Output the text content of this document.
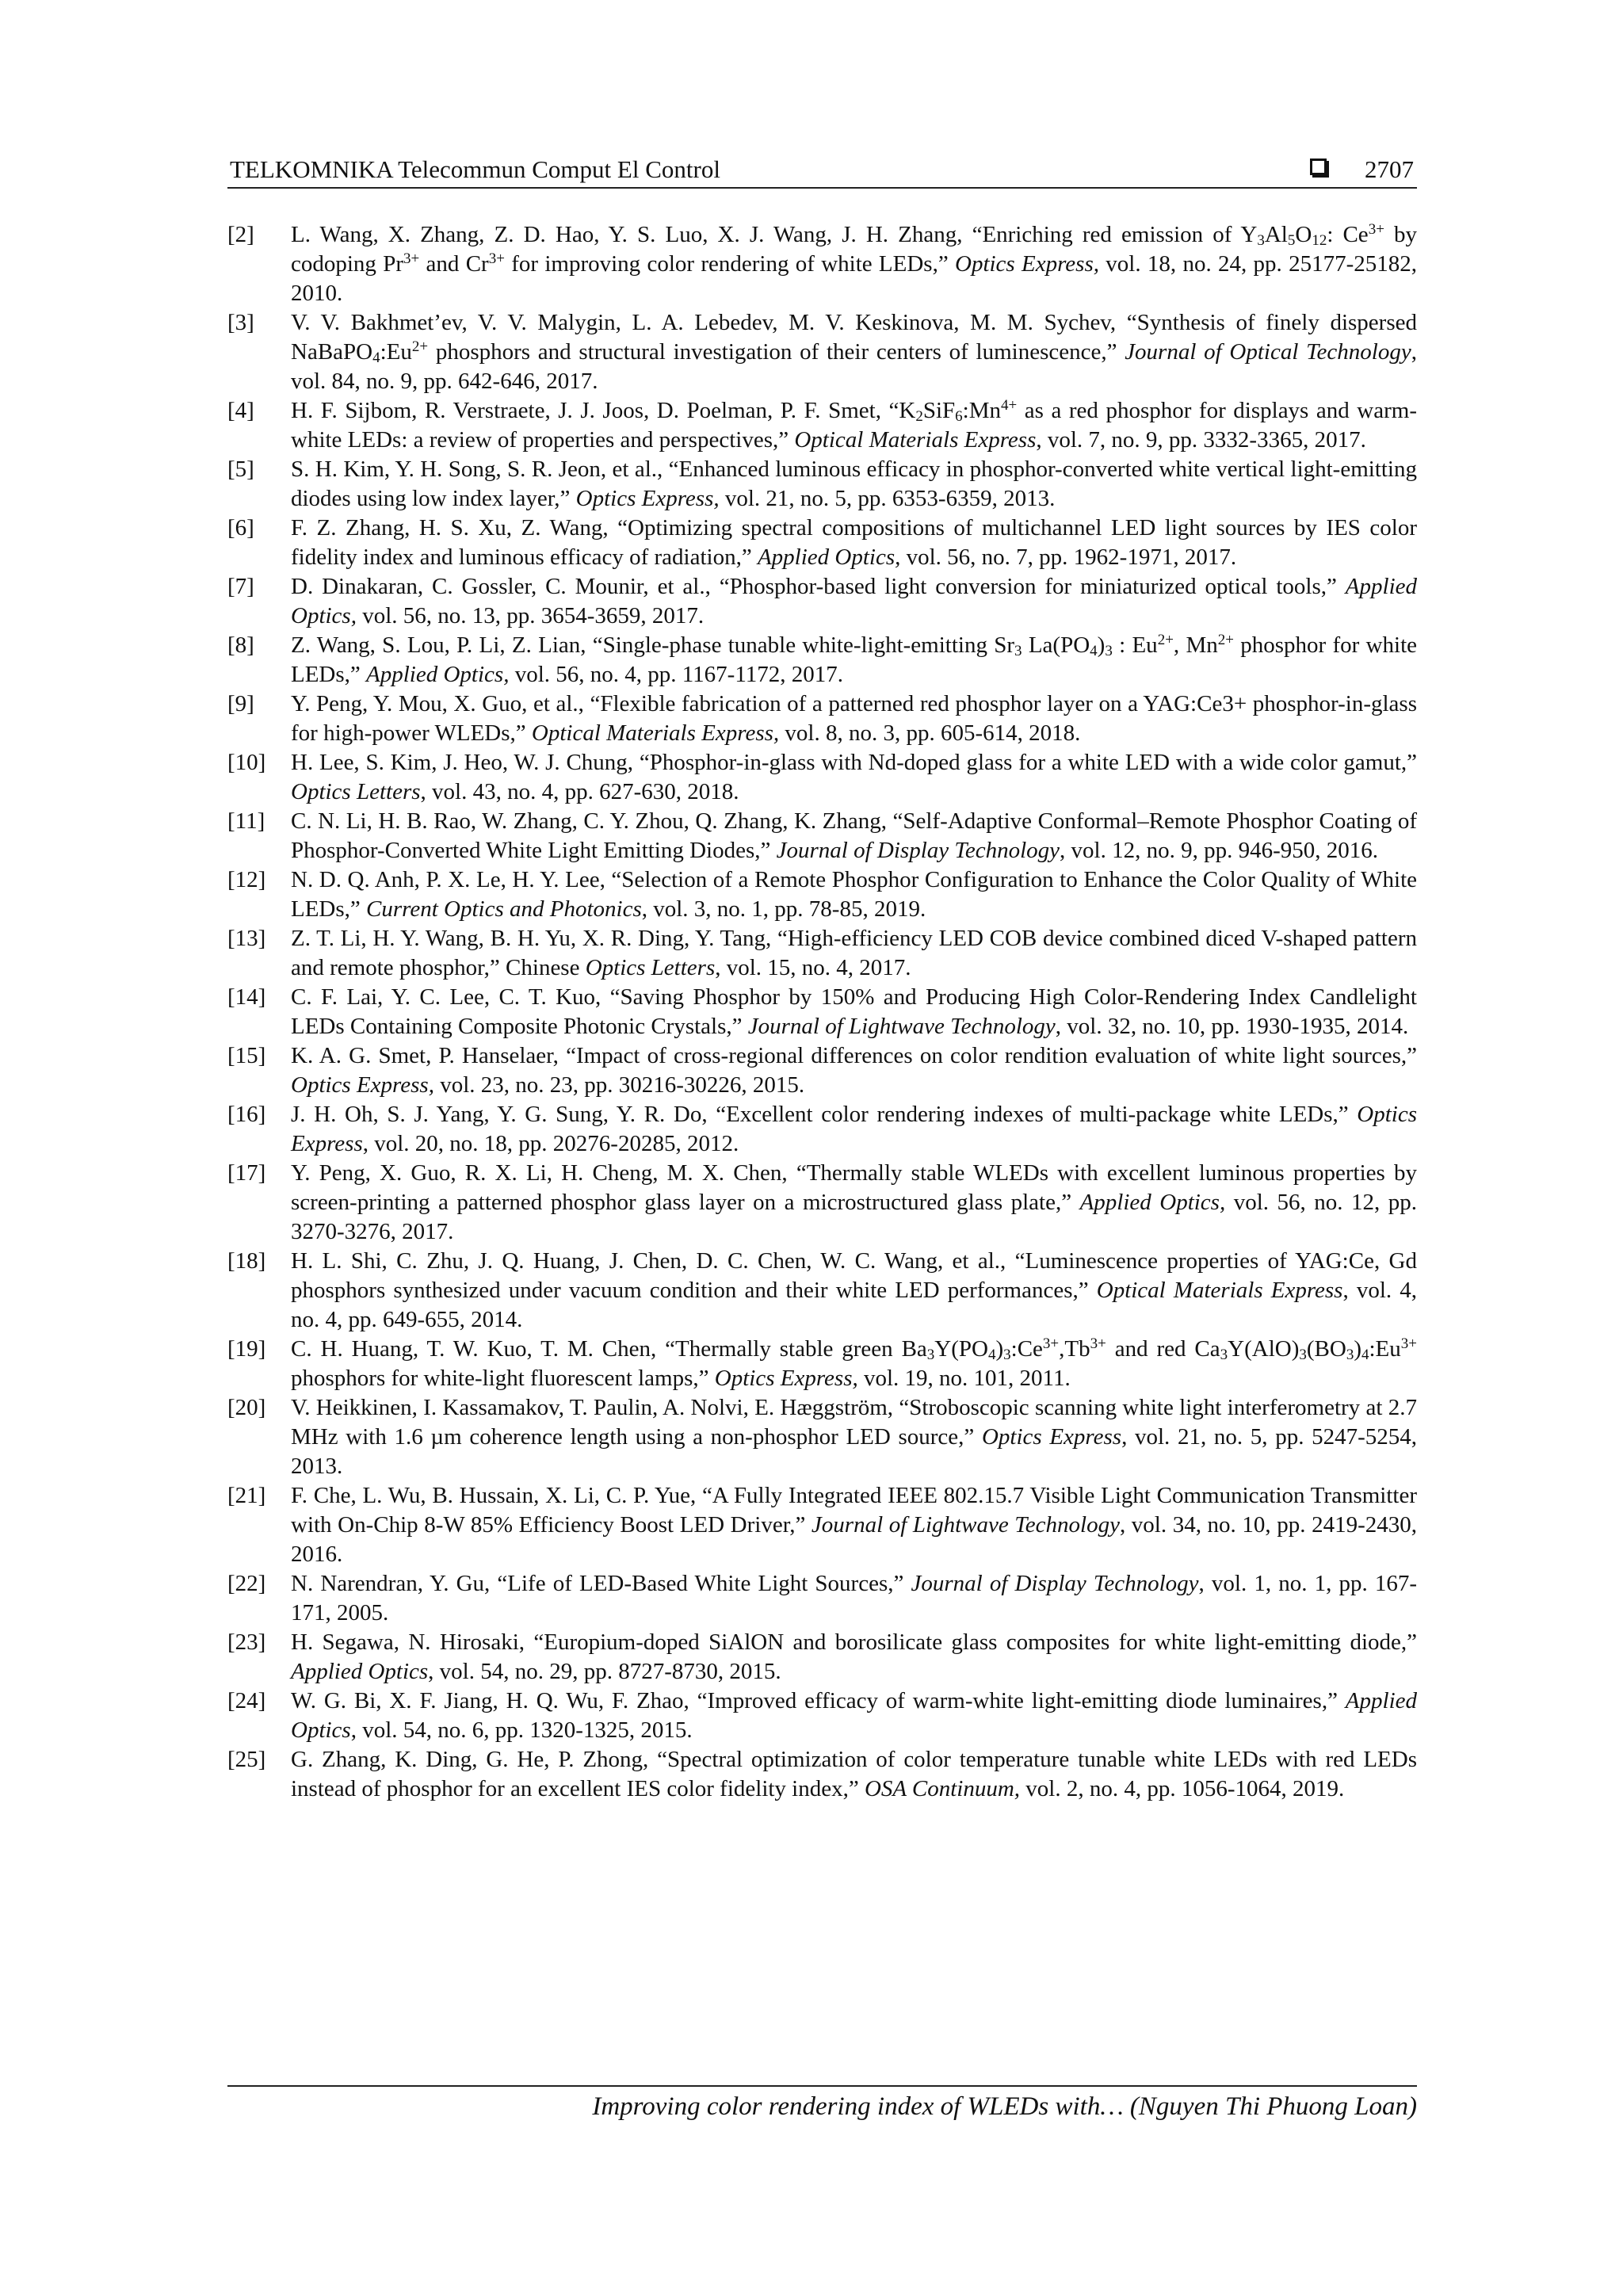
TELKOMNIKA Telecommun Comput El Control	2707
[2]	L. Wang, X. Zhang, Z. D. Hao, Y. S. Luo, X. J. Wang, J. H. Zhang, “Enriching red emission of $Y_3Al_5O_{12}$: $Ce^{3+}$ by codoping $Pr^{3+}$ and $Cr^{3+}$ for improving color rendering of white LEDs,” Optics Express, vol. 18, no. 24, pp. 25177-25182, 2010.
[3]	V. V. Bakhmet’ev, V. V. Malygin, L. A. Lebedev, M. V. Keskinova, M. M. Sychev, “Synthesis of finely dispersed $NaBaPO_4:Eu^{2+}$ phosphors and structural investigation of their centers of luminescence,” Journal of Optical Technology, vol. 84, no. 9, pp. 642-646, 2017.
[4]	H. F. Sijbom, R. Verstraete, J. J. Joos, D. Poelman, P. F. Smet, “$K_2SiF_6:Mn^{4+}$ as a red phosphor for displays and warm-white LEDs: a review of properties and perspectives,” Optical Materials Express, vol. 7, no. 9, pp. 3332-3365, 2017.
[5]	S. H. Kim, Y. H. Song, S. R. Jeon, et al., “Enhanced luminous efficacy in phosphor-converted white vertical light-emitting diodes using low index layer,” Optics Express, vol. 21, no. 5, pp. 6353-6359, 2013.
[6]	F. Z. Zhang, H. S. Xu, Z. Wang, “Optimizing spectral compositions of multichannel LED light sources by IES color fidelity index and luminous efficacy of radiation,” Applied Optics, vol. 56, no. 7, pp. 1962-1971, 2017.
[7]	D. Dinakaran, C. Gossler, C. Mounir, et al., “Phosphor-based light conversion for miniaturized optical tools,” Applied Optics, vol. 56, no. 13, pp. 3654-3659, 2017.
[8]	Z. Wang, S. Lou, P. Li, Z. Lian, “Single-phase tunable white-light-emitting $Sr_3$ $La(PO_4)_3$ : $Eu^{2+}$, $Mn^{2+}$ phosphor for white LEDs,” Applied Optics, vol. 56, no. 4, pp. 1167-1172, 2017.
[9]	Y. Peng, Y. Mou, X. Guo, et al., “Flexible fabrication of a patterned red phosphor layer on a YAG:Ce3+ phosphor-in-glass for high-power WLEDs,” Optical Materials Express, vol. 8, no. 3, pp. 605-614, 2018.
[10]	H. Lee, S. Kim, J. Heo, W. J. Chung, “Phosphor-in-glass with Nd-doped glass for a white LED with a wide color gamut,” Optics Letters, vol. 43, no. 4, pp. 627-630, 2018.
[11]	C. N. Li, H. B. Rao, W. Zhang, C. Y. Zhou, Q. Zhang, K. Zhang, “Self-Adaptive Conformal–Remote Phosphor Coating of Phosphor-Converted White Light Emitting Diodes,” Journal of Display Technology, vol. 12, no. 9, pp. 946-950, 2016.
[12]	N. D. Q. Anh, P. X. Le, H. Y. Lee, “Selection of a Remote Phosphor Configuration to Enhance the Color Quality of White LEDs,” Current Optics and Photonics, vol. 3, no. 1, pp. 78-85, 2019.
[13]	Z. T. Li, H. Y. Wang, B. H. Yu, X. R. Ding, Y. Tang, “High-efficiency LED COB device combined diced V-shaped pattern and remote phosphor,” Chinese Optics Letters, vol. 15, no. 4, 2017.
[14]	C. F. Lai, Y. C. Lee, C. T. Kuo, “Saving Phosphor by 150% and Producing High Color-Rendering Index Candlelight LEDs Containing Composite Photonic Crystals,” Journal of Lightwave Technology, vol. 32, no. 10, pp. 1930-1935, 2014.
[15]	K. A. G. Smet, P. Hanselaer, “Impact of cross-regional differences on color rendition evaluation of white light sources,” Optics Express, vol. 23, no. 23, pp. 30216-30226, 2015.
[16]	J. H. Oh, S. J. Yang, Y. G. Sung, Y. R. Do, “Excellent color rendering indexes of multi-package white LEDs,” Optics Express, vol. 20, no. 18, pp. 20276-20285, 2012.
[17]	Y. Peng, X. Guo, R. X. Li, H. Cheng, M. X. Chen, “Thermally stable WLEDs with excellent luminous properties by screen-printing a patterned phosphor glass layer on a microstructured glass plate,” Applied Optics, vol. 56, no. 12, pp. 3270-3276, 2017.
[18]	H. L. Shi, C. Zhu, J. Q. Huang, J. Chen, D. C. Chen, W. C. Wang, et al., “Luminescence properties of YAG:Ce, Gd phosphors synthesized under vacuum condition and their white LED performances,” Optical Materials Express, vol. 4, no. 4, pp. 649-655, 2014.
[19]	C. H. Huang, T. W. Kuo, T. M. Chen, “Thermally stable green $Ba_3Y(PO_4)_3:Ce^{3+},Tb^{3+}$ and red $Ca_3Y(AlO)_3(BO_3)_4:Eu^{3+}$ phosphors for white-light fluorescent lamps,” Optics Express, vol. 19, no. 101, 2011.
[20]	V. Heikkinen, I. Kassamakov, T. Paulin, A. Nolvi, E. Hæggström, “Stroboscopic scanning white light interferometry at 2.7 MHz with 1.6 µm coherence length using a non-phosphor LED source,” Optics Express, vol. 21, no. 5, pp. 5247-5254, 2013.
[21]	F. Che, L. Wu, B. Hussain, X. Li, C. P. Yue, “A Fully Integrated IEEE 802.15.7 Visible Light Communication Transmitter with On-Chip 8-W 85% Efficiency Boost LED Driver,” Journal of Lightwave Technology, vol. 34, no. 10, pp. 2419-2430, 2016.
[22]	N. Narendran, Y. Gu, “Life of LED-Based White Light Sources,” Journal of Display Technology, vol. 1, no. 1, pp. 167-171, 2005.
[23]	H. Segawa, N. Hirosaki, “Europium-doped SiAlON and borosilicate glass composites for white light-emitting diode,” Applied Optics, vol. 54, no. 29, pp. 8727-8730, 2015.
[24]	W. G. Bi, X. F. Jiang, H. Q. Wu, F. Zhao, “Improved efficacy of warm-white light-emitting diode luminaires,” Applied Optics, vol. 54, no. 6, pp. 1320-1325, 2015.
[25]	G. Zhang, K. Ding, G. He, P. Zhong, “Spectral optimization of color temperature tunable white LEDs with red LEDs instead of phosphor for an excellent IES color fidelity index,” OSA Continuum, vol. 2, no. 4, pp. 1056-1064, 2019.
Improving color rendering index of WLEDs with… (Nguyen Thi Phuong Loan)
